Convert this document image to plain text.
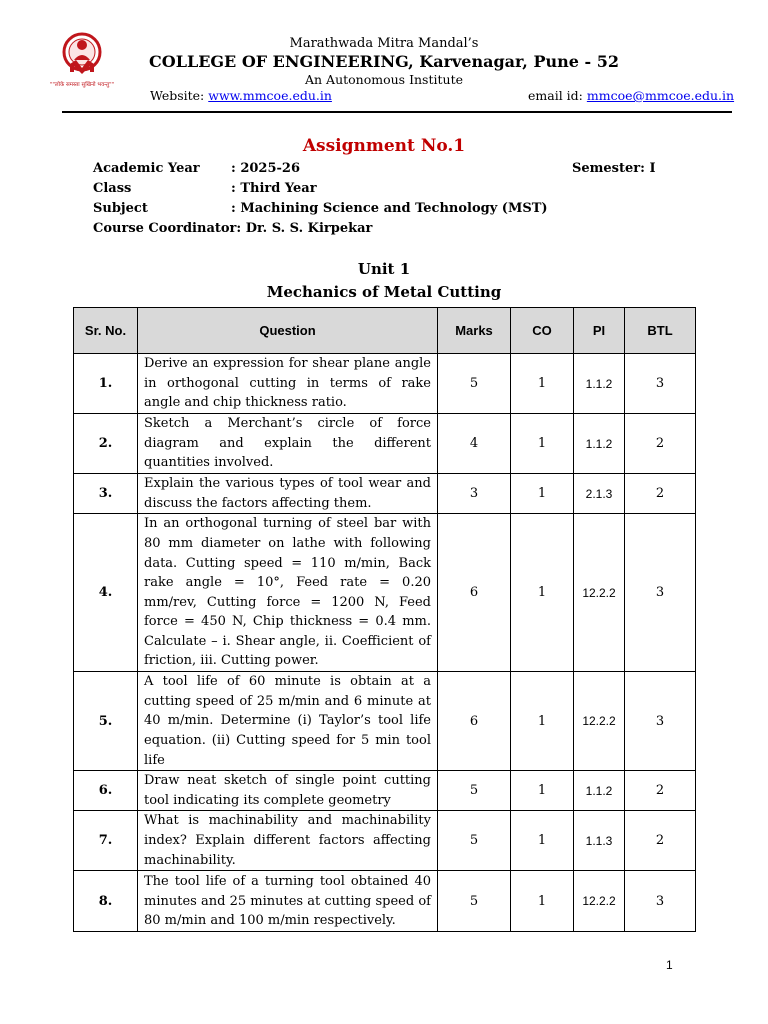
""लोके समस्ता सुखिनो भवन्तु""
Marathwada Mitra Mandal’s
COLLEGE OF ENGINEERING, Karvenagar, Pune - 52
An Autonomous Institute
Website: www.mmcoe.edu.in	email id: mmcoe@mmcoe.edu.in
Assignment No.1
Academic Year : 2025-26	Semester: I
Class	: Third Year
Subject	: Machining Science and Technology (MST)
Course Coordinator: Dr. S. S. Kirpekar
Unit 1
Mechanics of Metal Cutting
Sr. No.	Question	Marks	CO	PI	BTL
1.	Derive an expression for shear plane angle in orthogonal cutting in terms of rake angle and chip thickness ratio.	5	1	1.1.2	3
2.	Sketch a Merchant’s circle of force diagram and explain the different quantities involved.	4	1	1.1.2	2
3.	Explain the various types of tool wear and discuss the factors affecting them.	3	1	2.1.3	2
4.	In an orthogonal turning of steel bar with 80 mm diameter on lathe with following data. Cutting speed = 110 m/min, Back rake angle = 10°, Feed rate = 0.20 mm/rev, Cutting force = 1200 N, Feed force = 450 N, Chip thickness = 0.4 mm. Calculate – i. Shear angle, ii. Coefficient of friction, iii. Cutting power.	6	1	12.2.2	3
5.	A tool life of 60 minute is obtain at a cutting speed of 25 m/min and 6 minute at 40 m/min. Determine (i) Taylor’s tool life equation. (ii) Cutting speed for 5 min tool life	6	1	12.2.2	3
6.	Draw neat sketch of single point cutting tool indicating its complete geometry	5	1	1.1.2	2
7.	What is machinability and machinability index? Explain different factors affecting machinability.	5	1	1.1.3	2
8.	The tool life of a turning tool obtained 40 minutes and 25 minutes at cutting speed of 80 m/min and 100 m/min respectively.	5	1	12.2.2	3
1
